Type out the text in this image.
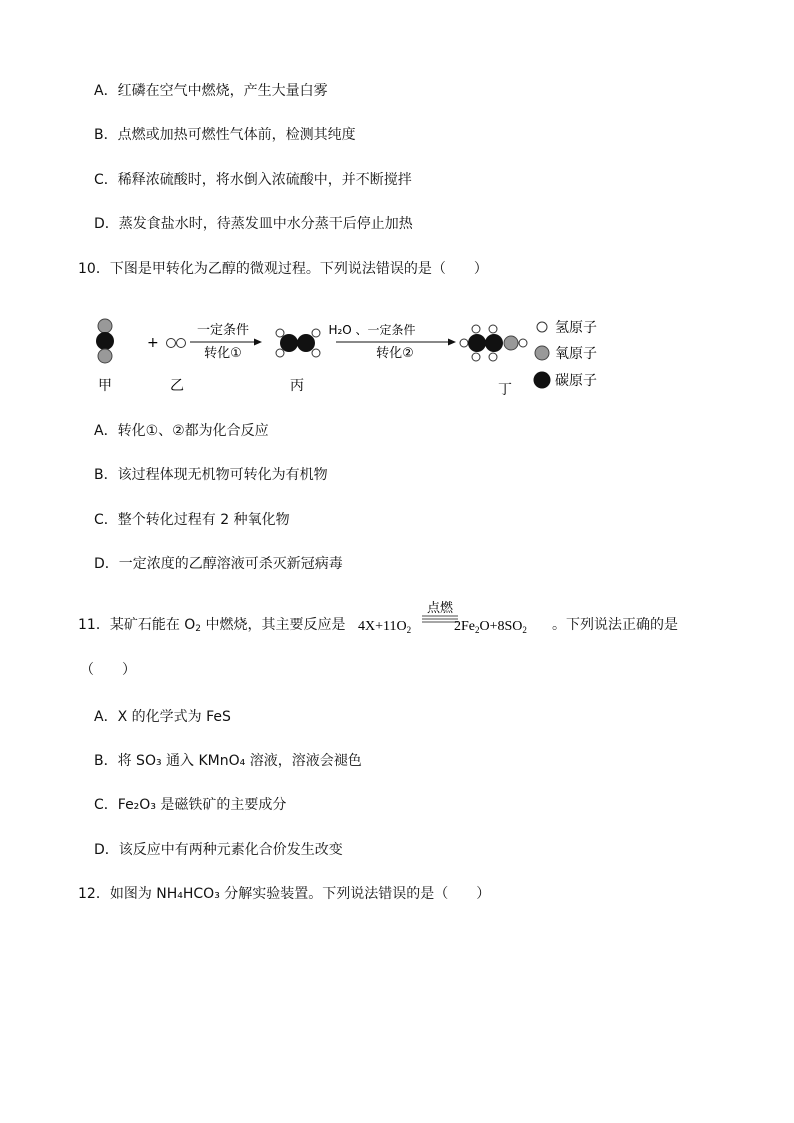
A．红磷在空气中燃烧，产生大量白雾
B．点燃或加热可燃性气体前，检测其纯度
C．稀释浓硫酸时，将水倒入浓硫酸中，并不断搅拌
D．蒸发食盐水时，待蒸发皿中水分蒸干后停止加热
10．下图是甲转化为乙醇的微观过程。下列说法错误的是（　　）
+
一定条件
转化①
H₂O 、一定条件
转化②
氢原子
氧原子
碳原子
甲	乙	丙	丁
A．转化①、②都为化合反应
B．该过程体现无机物可转化为有机物
C．整个转化过程有 2 种氧化物
D．一定浓度的乙醇溶液可杀灭新冠病毒
11．某矿石能在 $O_2$ 中燃烧，其主要反应是
点燃
$4X+11O_2$	$2Fe_2O+8SO_2$ 。下列说法正确的是
（　　）
A．X 的化学式为 FeS
B．将 SO₃ 通入 KMnO₄ 溶液，溶液会褪色
C．Fe₂O₃ 是磁铁矿的主要成分
D．该反应中有两种元素化合价发生改变
12．如图为 NH₄HCO₃ 分解实验装置。下列说法错误的是（　　）
